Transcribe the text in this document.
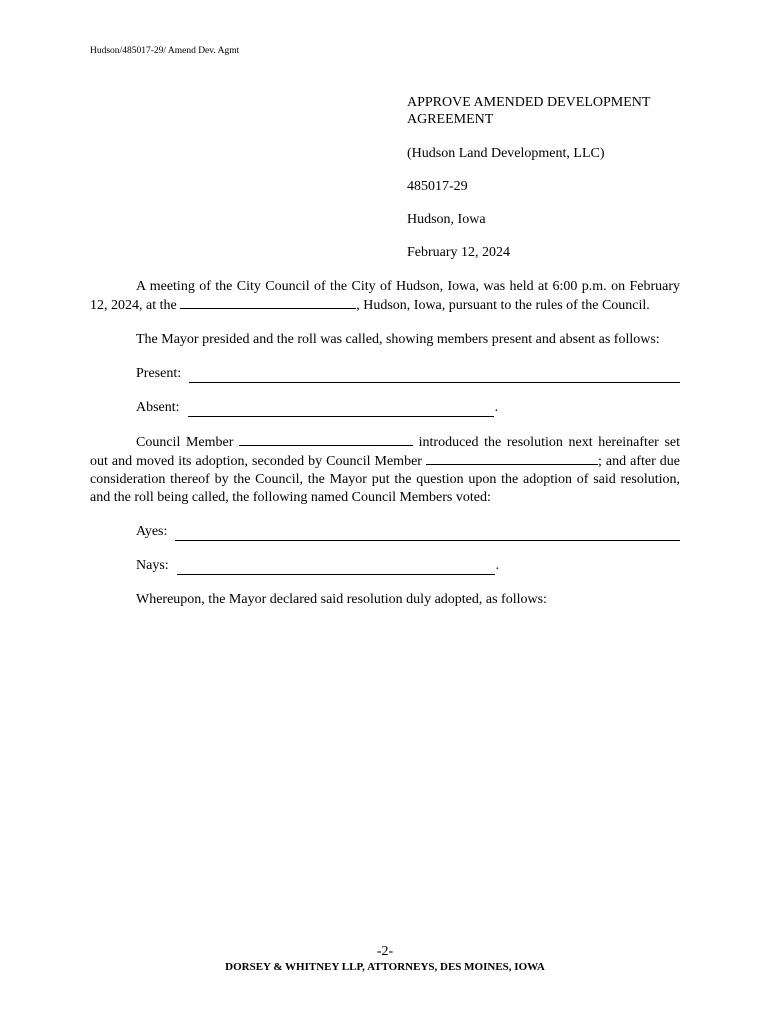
Hudson/485017-29/ Amend Dev. Agmt

APPROVE AMENDED DEVELOPMENT AGREEMENT

(Hudson Land Development, LLC)

485017-29

Hudson, Iowa

February 12, 2024

A meeting of the City Council of the City of Hudson, Iowa, was held at 6:00 p.m. on February 12, 2024, at the	, Hudson, Iowa, pursuant to the rules of the Council.

The Mayor presided and the roll was called, showing members present and absent as follows:

Present:
Absent:	.

Council Member	introduced the resolution next hereinafter set out and moved its adoption, seconded by Council Member	; and after due consideration thereof by the Council, the Mayor put the question upon the adoption of said resolution, and the roll being called, the following named Council Members voted:

Ayes:
Nays:	.

Whereupon, the Mayor declared said resolution duly adopted, as follows:

-2-
DORSEY & WHITNEY LLP, ATTORNEYS, DES MOINES, IOWA
